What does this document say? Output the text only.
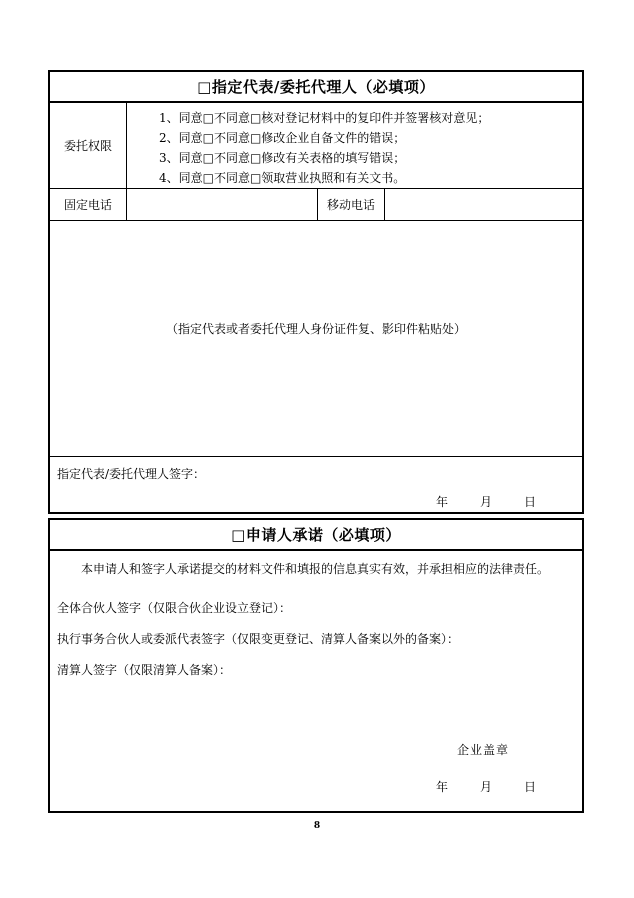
□指定代表/委托代理人（必填项）
委托权限
1、同意□不同意□核对登记材料中的复印件并签署核对意见；
2、同意□不同意□修改企业自备文件的错误；
3、同意□不同意□修改有关表格的填写错误；
4、同意□不同意□领取营业执照和有关文书。
固定电话	移动电话
（指定代表或者委托代理人身份证件复、影印件粘贴处）
指定代表/委托代理人签字：
年	月	日
□申请人承诺（必填项）
本申请人和签字人承诺提交的材料文件和填报的信息真实有效，并承担相应的法律责任。
全体合伙人签字（仅限合伙企业设立登记）：
执行事务合伙人或委派代表签字（仅限变更登记、清算人备案以外的备案）：
清算人签字（仅限清算人备案）：
企业盖章
年	月	日
8
